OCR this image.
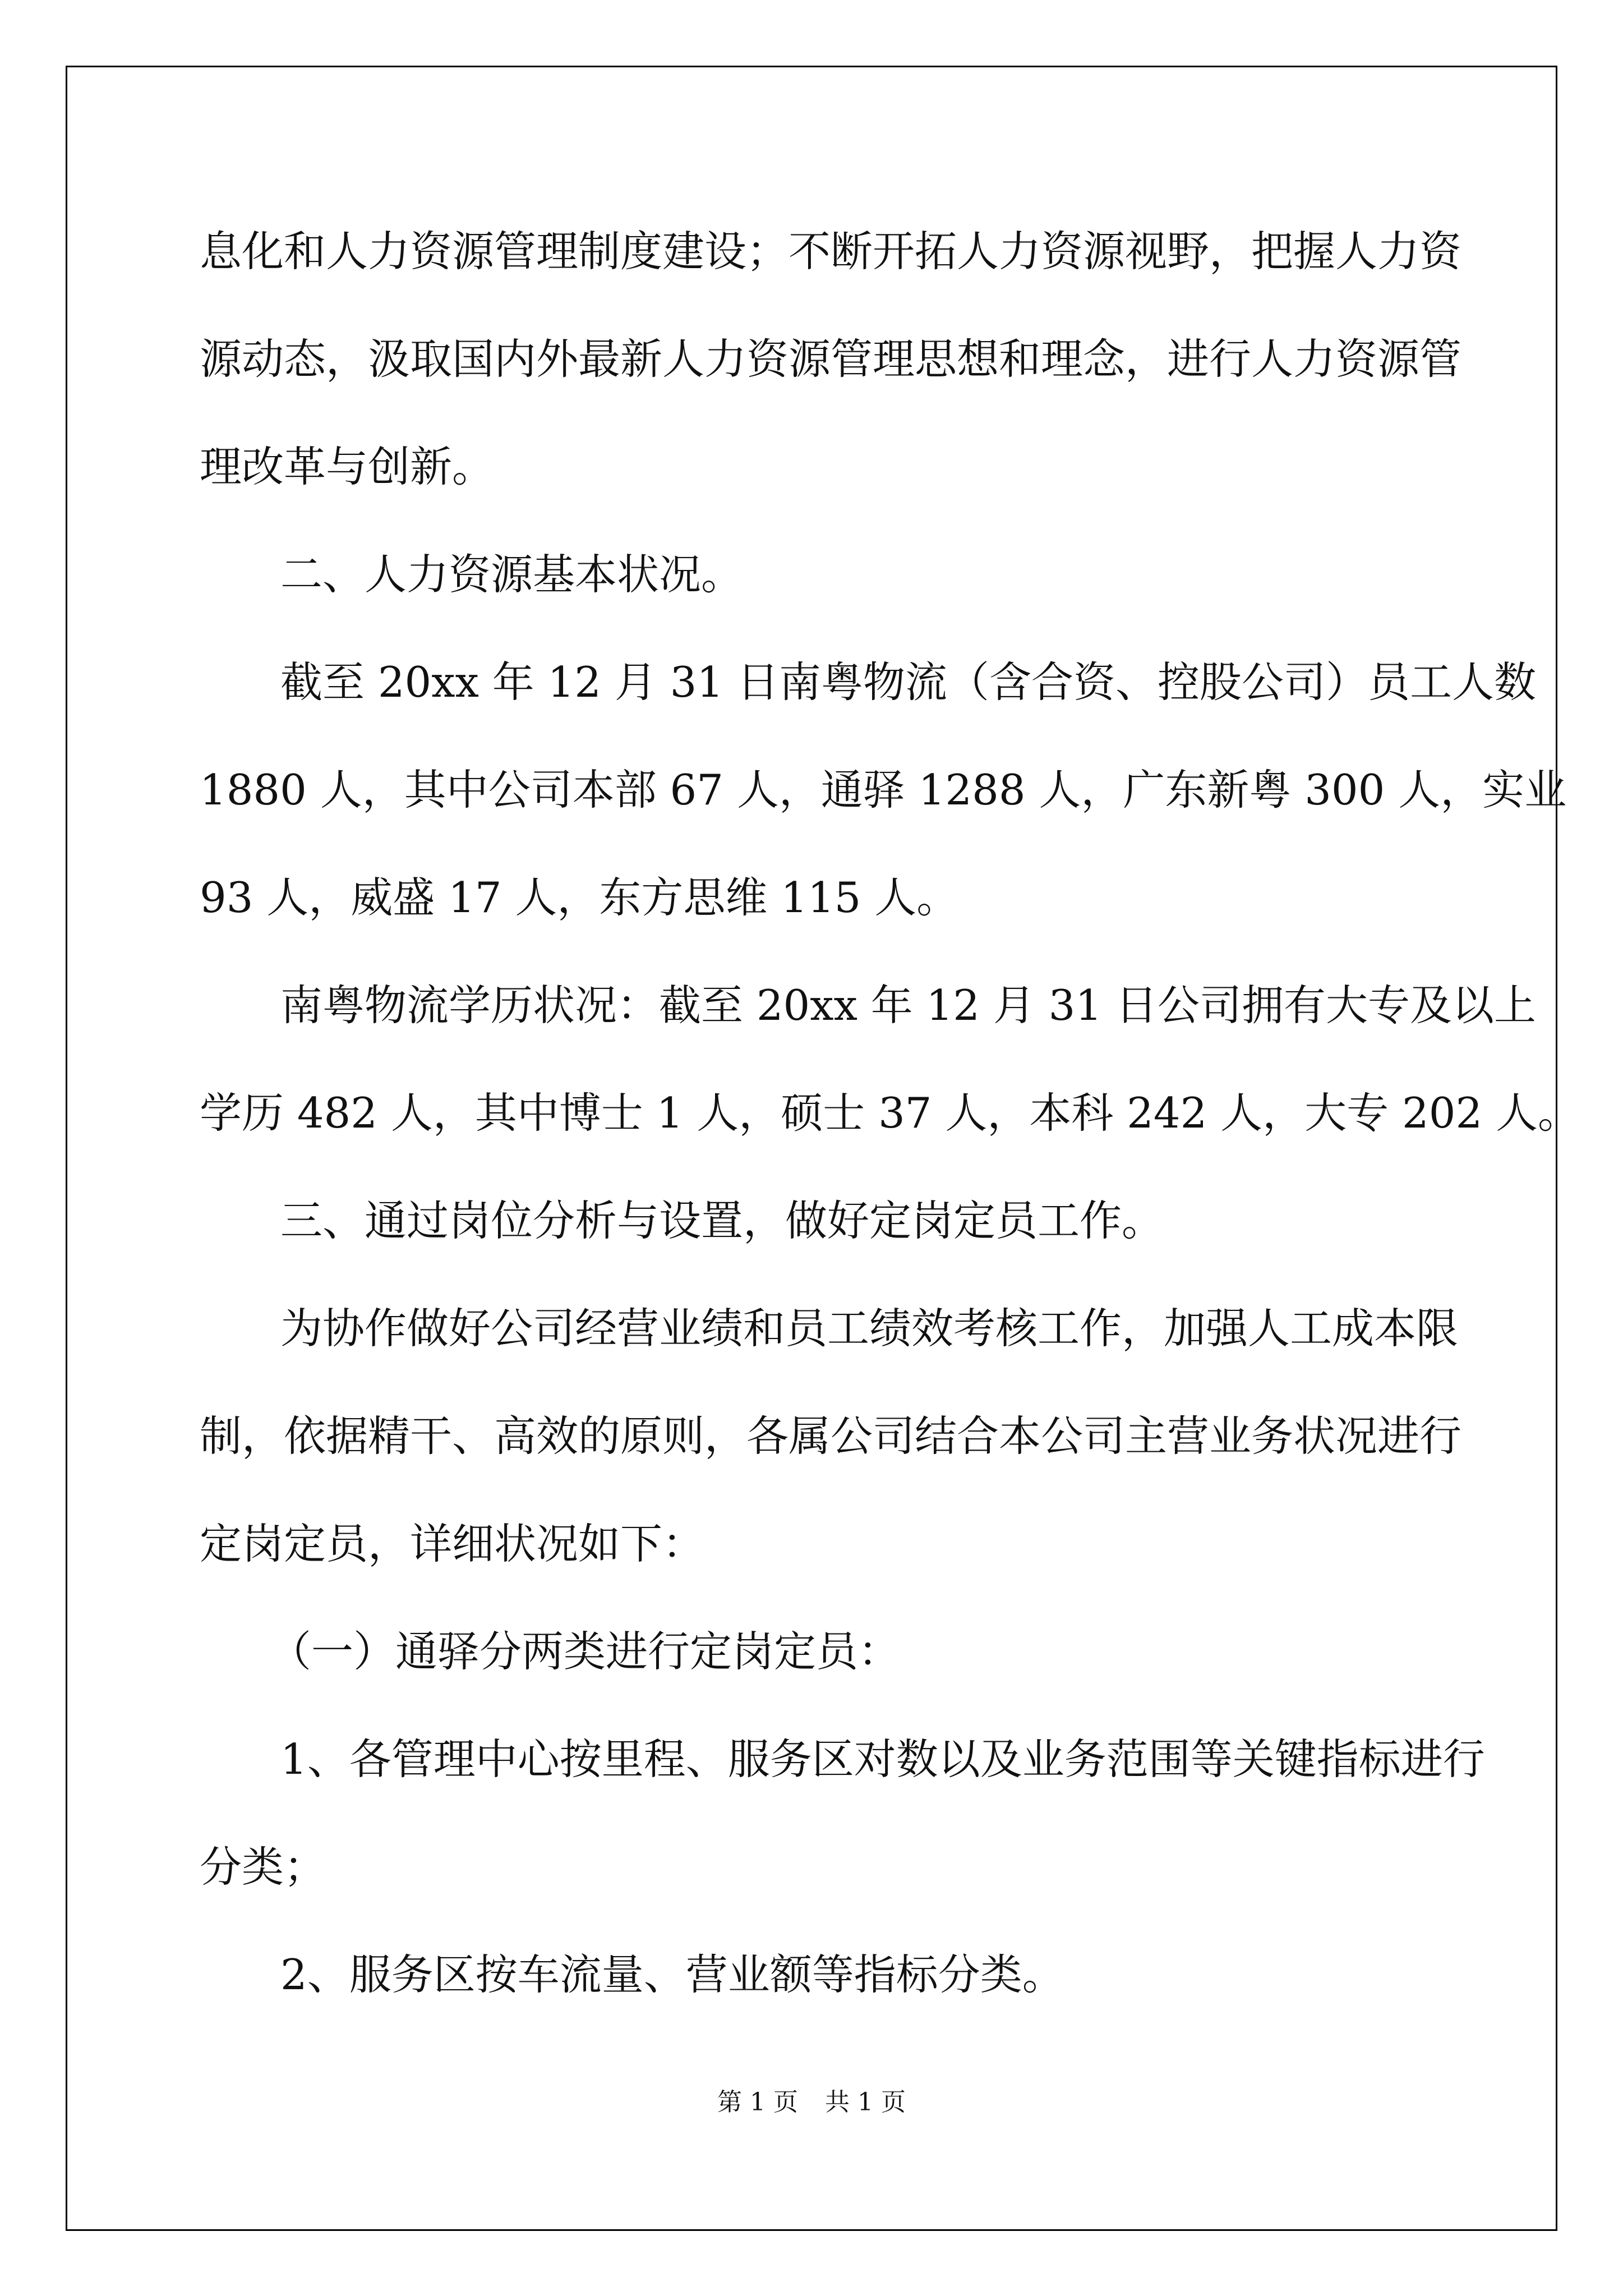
息化和人力资源管理制度建设；不断开拓人力资源视野，把握人力资
源动态，汲取国内外最新人力资源管理思想和理念，进行人力资源管
理改革与创新。
二、人力资源基本状况。
截至 20xx 年 12 月 31 日南粤物流（含合资、控股公司）员工人数
1880 人，其中公司本部 67 人，通驿 1288 人，广东新粤 300 人，实业
93 人，威盛 17 人，东方思维 115 人。
南粤物流学历状况：截至 20xx 年 12 月 31 日公司拥有大专及以上
学历 482 人，其中博士 1 人，硕士 37 人，本科 242 人，大专 202 人。
三、通过岗位分析与设置，做好定岗定员工作。
为协作做好公司经营业绩和员工绩效考核工作，加强人工成本限
制，依据精干、高效的原则，各属公司结合本公司主营业务状况进行
定岗定员，详细状况如下：
（一）通驿分两类进行定岗定员：
1、各管理中心按里程、服务区对数以及业务范围等关键指标进行
分类；
2、服务区按车流量、营业额等指标分类。
第 1 页 共 1 页
